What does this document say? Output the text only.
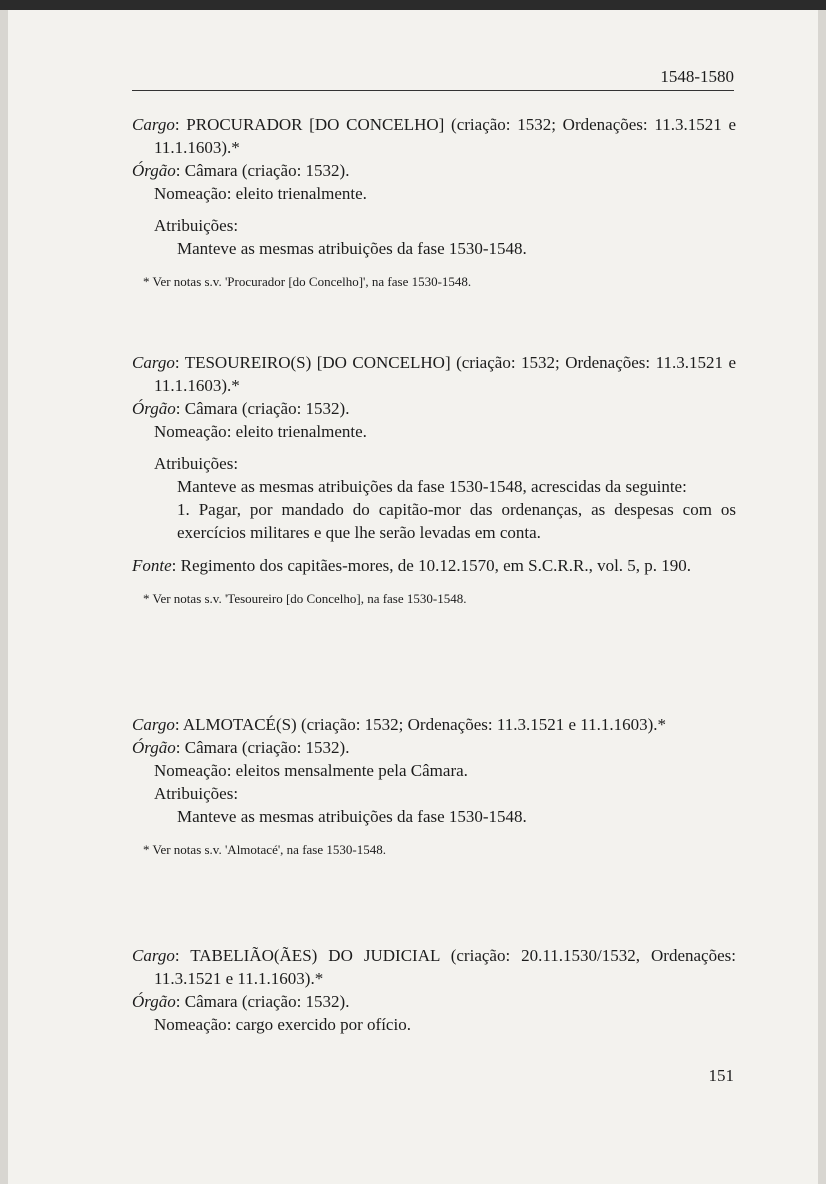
1548-1580

Cargo: PROCURADOR [DO CONCELHO] (criação: 1532; Ordenações: 11.3.1521 e 11.1.1603).*

Órgão: Câmara (criação: 1532).

Nomeação: eleito trienalmente.

Atribuições:

Manteve as mesmas atribuições da fase 1530-1548.

* Ver notas s.v. 'Procurador [do Concelho]', na fase 1530-1548.

Cargo: TESOUREIRO(S) [DO CONCELHO] (criação: 1532; Ordenações: 11.3.1521 e 11.1.1603).*

Órgão: Câmara (criação: 1532).

Nomeação: eleito trienalmente.

Atribuições:

Manteve as mesmas atribuições da fase 1530-1548, acrescidas da seguinte:

1. Pagar, por mandado do capitão-mor das ordenanças, as despesas com os exercícios militares e que lhe serão levadas em conta.

Fonte: Regimento dos capitães-mores, de 10.12.1570, em S.C.R.R., vol. 5, p. 190.

* Ver notas s.v. 'Tesoureiro [do Concelho], na fase 1530-1548.

Cargo: ALMOTACÉ(S) (criação: 1532; Ordenações: 11.3.1521 e 11.1.1603).*

Órgão: Câmara (criação: 1532).

Nomeação: eleitos mensalmente pela Câmara.

Atribuições:

Manteve as mesmas atribuições da fase 1530-1548.

* Ver notas s.v. 'Almotacé', na fase 1530-1548.

Cargo: TABELIÃO(ÃES) DO JUDICIAL (criação: 20.11.1530/1532, Ordenações: 11.3.1521 e 11.1.1603).*

Órgão: Câmara (criação: 1532).

Nomeação: cargo exercido por ofício.

151
